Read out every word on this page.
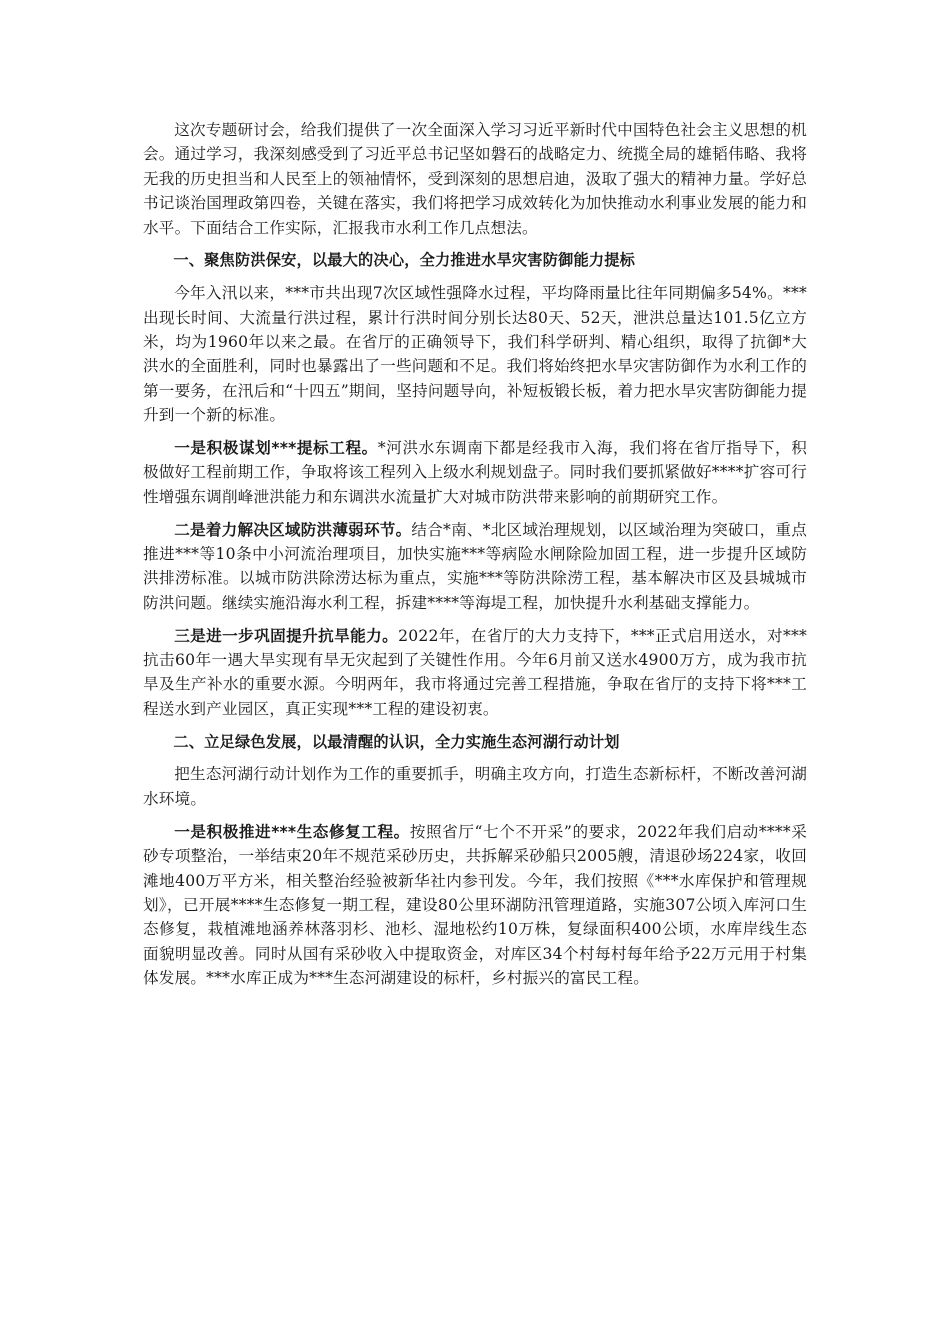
这次专题研讨会，给我们提供了一次全面深入学习习近平新时代中国特色社会主义思想的机会。通过学习，我深刻感受到了习近平总书记坚如磐石的战略定力、统揽全局的雄韬伟略、我将无我的历史担当和人民至上的领袖情怀，受到深刻的思想启迪，汲取了强大的精神力量。学好总书记谈治国理政第四卷，关键在落实，我们将把学习成效转化为加快推动水利事业发展的能力和水平。下面结合工作实际，汇报我市水利工作几点想法。

一、聚焦防洪保安，以最大的决心，全力推进水旱灾害防御能力提标

今年入汛以来，***市共出现7次区域性强降水过程，平均降雨量比往年同期偏多54%。***出现长时间、大流量行洪过程，累计行洪时间分别长达80天、52天，泄洪总量达101.5亿立方米，均为1960年以来之最。在省厅的正确领导下，我们科学研判、精心组织，取得了抗御*大洪水的全面胜利，同时也暴露出了一些问题和不足。我们将始终把水旱灾害防御作为水利工作的第一要务，在汛后和“十四五”期间，坚持问题导向，补短板锻长板，着力把水旱灾害防御能力提升到一个新的标准。

一是积极谋划***提标工程。*河洪水东调南下都是经我市入海，我们将在省厅指导下，积极做好工程前期工作，争取将该工程列入上级水利规划盘子。同时我们要抓紧做好****扩容可行性增强东调削峰泄洪能力和东调洪水流量扩大对城市防洪带来影响的前期研究工作。

二是着力解决区域防洪薄弱环节。结合*南、*北区域治理规划，以区域治理为突破口，重点推进***等10条中小河流治理项目，加快实施***等病险水闸除险加固工程，进一步提升区域防洪排涝标准。以城市防洪除涝达标为重点，实施***等防洪除涝工程，基本解决市区及县城城市防洪问题。继续实施沿海水利工程，拆建****等海堤工程，加快提升水利基础支撑能力。

三是进一步巩固提升抗旱能力。2022年，在省厅的大力支持下，***正式启用送水，对***抗击60年一遇大旱实现有旱无灾起到了关键性作用。今年6月前又送水4900万方，成为我市抗旱及生产补水的重要水源。今明两年，我市将通过完善工程措施，争取在省厅的支持下将***工程送水到产业园区，真正实现***工程的建设初衷。

二、立足绿色发展，以最清醒的认识，全力实施生态河湖行动计划

把生态河湖行动计划作为工作的重要抓手，明确主攻方向，打造生态新标杆，不断改善河湖水环境。

一是积极推进***生态修复工程。按照省厅“七个不开采”的要求，2022年我们启动****采砂专项整治，一举结束20年不规范采砂历史，共拆解采砂船只2005艘，清退砂场224家，收回滩地400万平方米，相关整治经验被新华社内参刊发。今年，我们按照《***水库保护和管理规划》，已开展****生态修复一期工程，建设80公里环湖防汛管理道路，实施307公顷入库河口生态修复，栽植滩地涵养林落羽杉、池杉、湿地松约10万株，复绿面积400公顷，水库岸线生态面貌明显改善。同时从国有采砂收入中提取资金，对库区34个村每村每年给予22万元用于村集体发展。***水库正成为***生态河湖建设的标杆，乡村振兴的富民工程。
